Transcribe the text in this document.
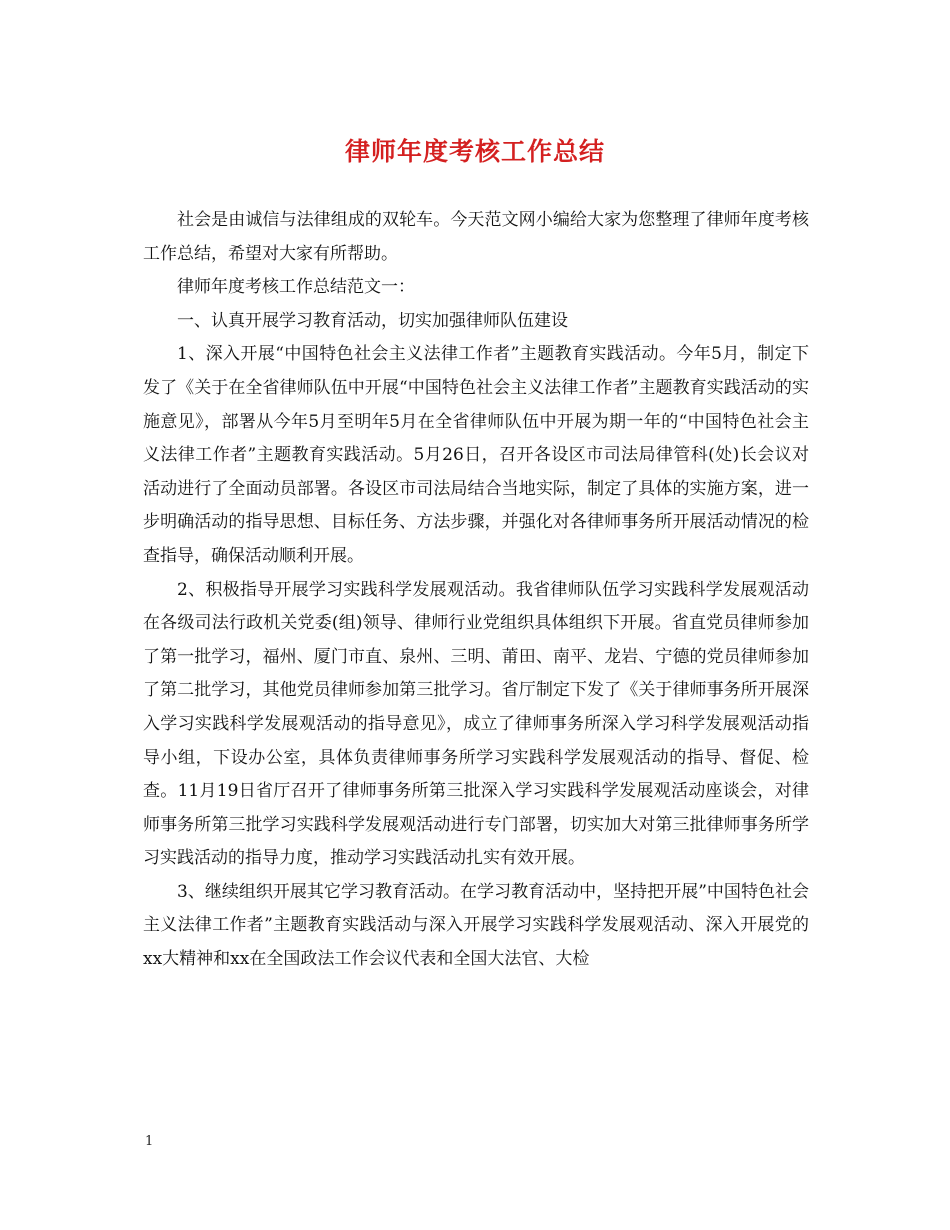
律师年度考核工作总结

社会是由诚信与法律组成的双轮车。今天范文网小编给大家为您整理了律师年度考核工作总结，希望对大家有所帮助。

律师年度考核工作总结范文一：

一、认真开展学习教育活动，切实加强律师队伍建设

1、深入开展“中国特色社会主义法律工作者”主题教育实践活动。今年5月，制定下发了《关于在全省律师队伍中开展“中国特色社会主义法律工作者”主题教育实践活动的实施意见》，部署从今年5月至明年5月在全省律师队伍中开展为期一年的“中国特色社会主义法律工作者”主题教育实践活动。5月26日，召开各设区市司法局律管科(处)长会议对活动进行了全面动员部署。各设区市司法局结合当地实际，制定了具体的实施方案，进一步明确活动的指导思想、目标任务、方法步骤，并强化对各律师事务所开展活动情况的检查指导，确保活动顺利开展。

2、积极指导开展学习实践科学发展观活动。我省律师队伍学习实践科学发展观活动在各级司法行政机关党委(组)领导、律师行业党组织具体组织下开展。省直党员律师参加了第一批学习，福州、厦门市直、泉州、三明、莆田、南平、龙岩、宁德的党员律师参加了第二批学习，其他党员律师参加第三批学习。省厅制定下发了《关于律师事务所开展深入学习实践科学发展观活动的指导意见》，成立了律师事务所深入学习科学发展观活动指导小组，下设办公室，具体负责律师事务所学习实践科学发展观活动的指导、督促、检查。11月19日省厅召开了律师事务所第三批深入学习实践科学发展观活动座谈会，对律师事务所第三批学习实践科学发展观活动进行专门部署，切实加大对第三批律师事务所学习实践活动的指导力度，推动学习实践活动扎实有效开展。

3、继续组织开展其它学习教育活动。在学习教育活动中，坚持把开展”中国特色社会主义法律工作者”主题教育实践活动与深入开展学习实践科学发展观活动、深入开展党的xx大精神和xx在全国政法工作会议代表和全国大法官、大检

1
